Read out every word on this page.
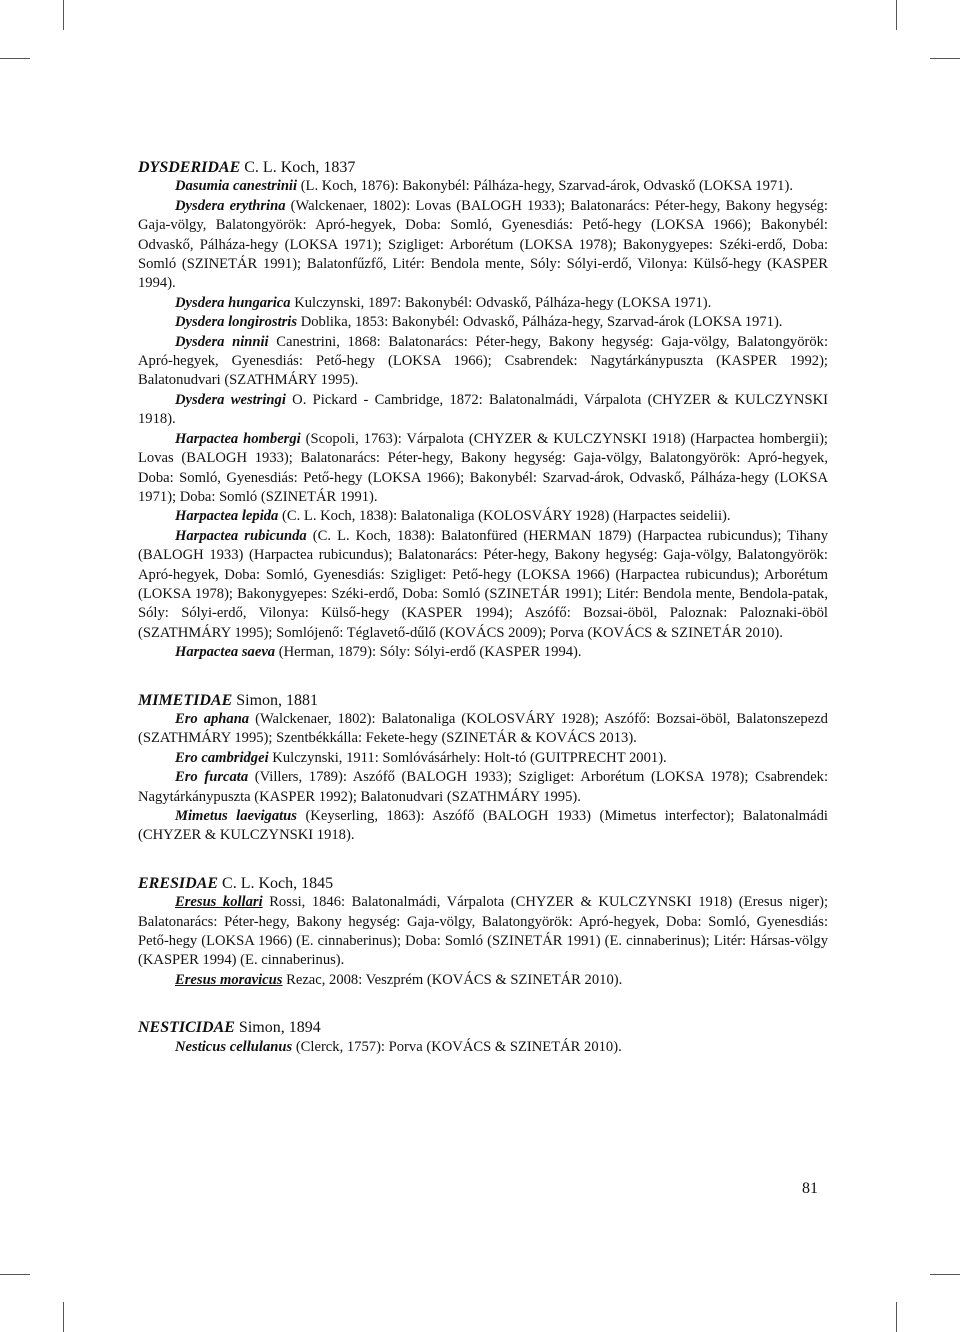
DYSDERIDAE C. L. Koch, 1837

Dasumia canestrinii (L. Koch, 1876): Bakonybél: Pálháza-hegy, Szarvad-árok, Odvaskő (LOKSA 1971).

Dysdera erythrina (Walckenaer, 1802): Lovas (BALOGH 1933); Balatonarács: Péter-hegy, Bakony hegység: Gaja-völgy, Balatongyörök: Apró-hegyek, Doba: Somló, Gyenesdiás: Pető-hegy (LOKSA 1966); Bakonybél: Odvaskő, Pálháza-hegy (LOKSA 1971); Szigliget: Arborétum (LOKSA 1978); Bakonygyepes: Széki-erdő, Doba: Somló (SZINETÁR 1991); Balatonfűzfő, Litér: Bendola mente, Sóly: Sólyi-erdő, Vilonya: Külső-hegy (KASPER 1994).

Dysdera hungarica Kulczynski, 1897: Bakonybél: Odvaskő, Pálháza-hegy (LOKSA 1971).

Dysdera longirostris Doblika, 1853: Bakonybél: Odvaskő, Pálháza-hegy, Szarvad-árok (LOKSA 1971).

Dysdera ninnii Canestrini, 1868: Balatonarács: Péter-hegy, Bakony hegység: Gaja-völgy, Balatongyörök: Apró-hegyek, Gyenesdiás: Pető-hegy (LOKSA 1966); Csabrendek: Nagytárkánypuszta (KASPER 1992); Balatonudvari (SZATHMÁRY 1995).

Dysdera westringi O. Pickard - Cambridge, 1872: Balatonalmádi, Várpalota (CHYZER & KULCZYNSKI 1918).

Harpactea hombergi (Scopoli, 1763): Várpalota (CHYZER & KULCZYNSKI 1918) (Harpactea hombergii); Lovas (BALOGH 1933); Balatonarács: Péter-hegy, Bakony hegység: Gaja-völgy, Balatongyörök: Apró-hegyek, Doba: Somló, Gyenesdiás: Pető-hegy (LOKSA 1966); Bakonybél: Szarvad-árok, Odvaskő, Pálháza-hegy (LOKSA 1971); Doba: Somló (SZINETÁR 1991).

Harpactea lepida (C. L. Koch, 1838): Balatonaliga (KOLOSVÁRY 1928) (Harpactes seidelii).

Harpactea rubicunda (C. L. Koch, 1838): Balatonfüred (HERMAN 1879) (Harpactea rubicundus); Tihany (BALOGH 1933) (Harpactea rubicundus); Balatonarács: Péter-hegy, Bakony hegység: Gaja-völgy, Balatongyörök: Apró-hegyek, Doba: Somló, Gyenesdiás: Szigliget: Pető-hegy (LOKSA 1966) (Harpactea rubicundus); Arborétum (LOKSA 1978); Bakonygyepes: Széki-erdő, Doba: Somló (SZINETÁR 1991); Litér: Bendola mente, Bendola-patak, Sóly: Sólyi-erdő, Vilonya: Külső-hegy (KASPER 1994); Aszófő: Bozsai-öböl, Paloznak: Paloznaki-öböl (SZATHMÁRY 1995); Somlójenő: Téglavető-dűlő (KOVÁCS 2009); Porva (KOVÁCS & SZINETÁR 2010).

Harpactea saeva (Herman, 1879): Sóly: Sólyi-erdő (KASPER 1994).

MIMETIDAE Simon, 1881

Ero aphana (Walckenaer, 1802): Balatonaliga (KOLOSVÁRY 1928); Aszófő: Bozsai-öböl, Balatonszepezd (SZATHMÁRY 1995); Szentbékkálla: Fekete-hegy (SZINETÁR & KOVÁCS 2013).

Ero cambridgei Kulczynski, 1911: Somlóvásárhely: Holt-tó (GUITPRECHT 2001).

Ero furcata (Villers, 1789): Aszófő (BALOGH 1933); Szigliget: Arborétum (LOKSA 1978); Csabrendek: Nagytárkánypuszta (KASPER 1992); Balatonudvari (SZATHMÁRY 1995).

Mimetus laevigatus (Keyserling, 1863): Aszófő (BALOGH 1933) (Mimetus interfector); Balatonalmádi (CHYZER & KULCZYNSKI 1918).

ERESIDAE C. L. Koch, 1845

Eresus kollari Rossi, 1846: Balatonalmádi, Várpalota (CHYZER & KULCZYNSKI 1918) (Eresus niger); Balatonarács: Péter-hegy, Bakony hegység: Gaja-völgy, Balatongyörök: Apró-hegyek, Doba: Somló, Gyenesdiás: Pető-hegy (LOKSA 1966) (E. cinnaberinus); Doba: Somló (SZINETÁR 1991) (E. cinnaberinus); Litér: Hársas-völgy (KASPER 1994) (E. cinnaberinus).

Eresus moravicus Rezac, 2008: Veszprém (KOVÁCS & SZINETÁR 2010).

NESTICIDAE Simon, 1894

Nesticus cellulanus (Clerck, 1757): Porva (KOVÁCS & SZINETÁR 2010).

81
